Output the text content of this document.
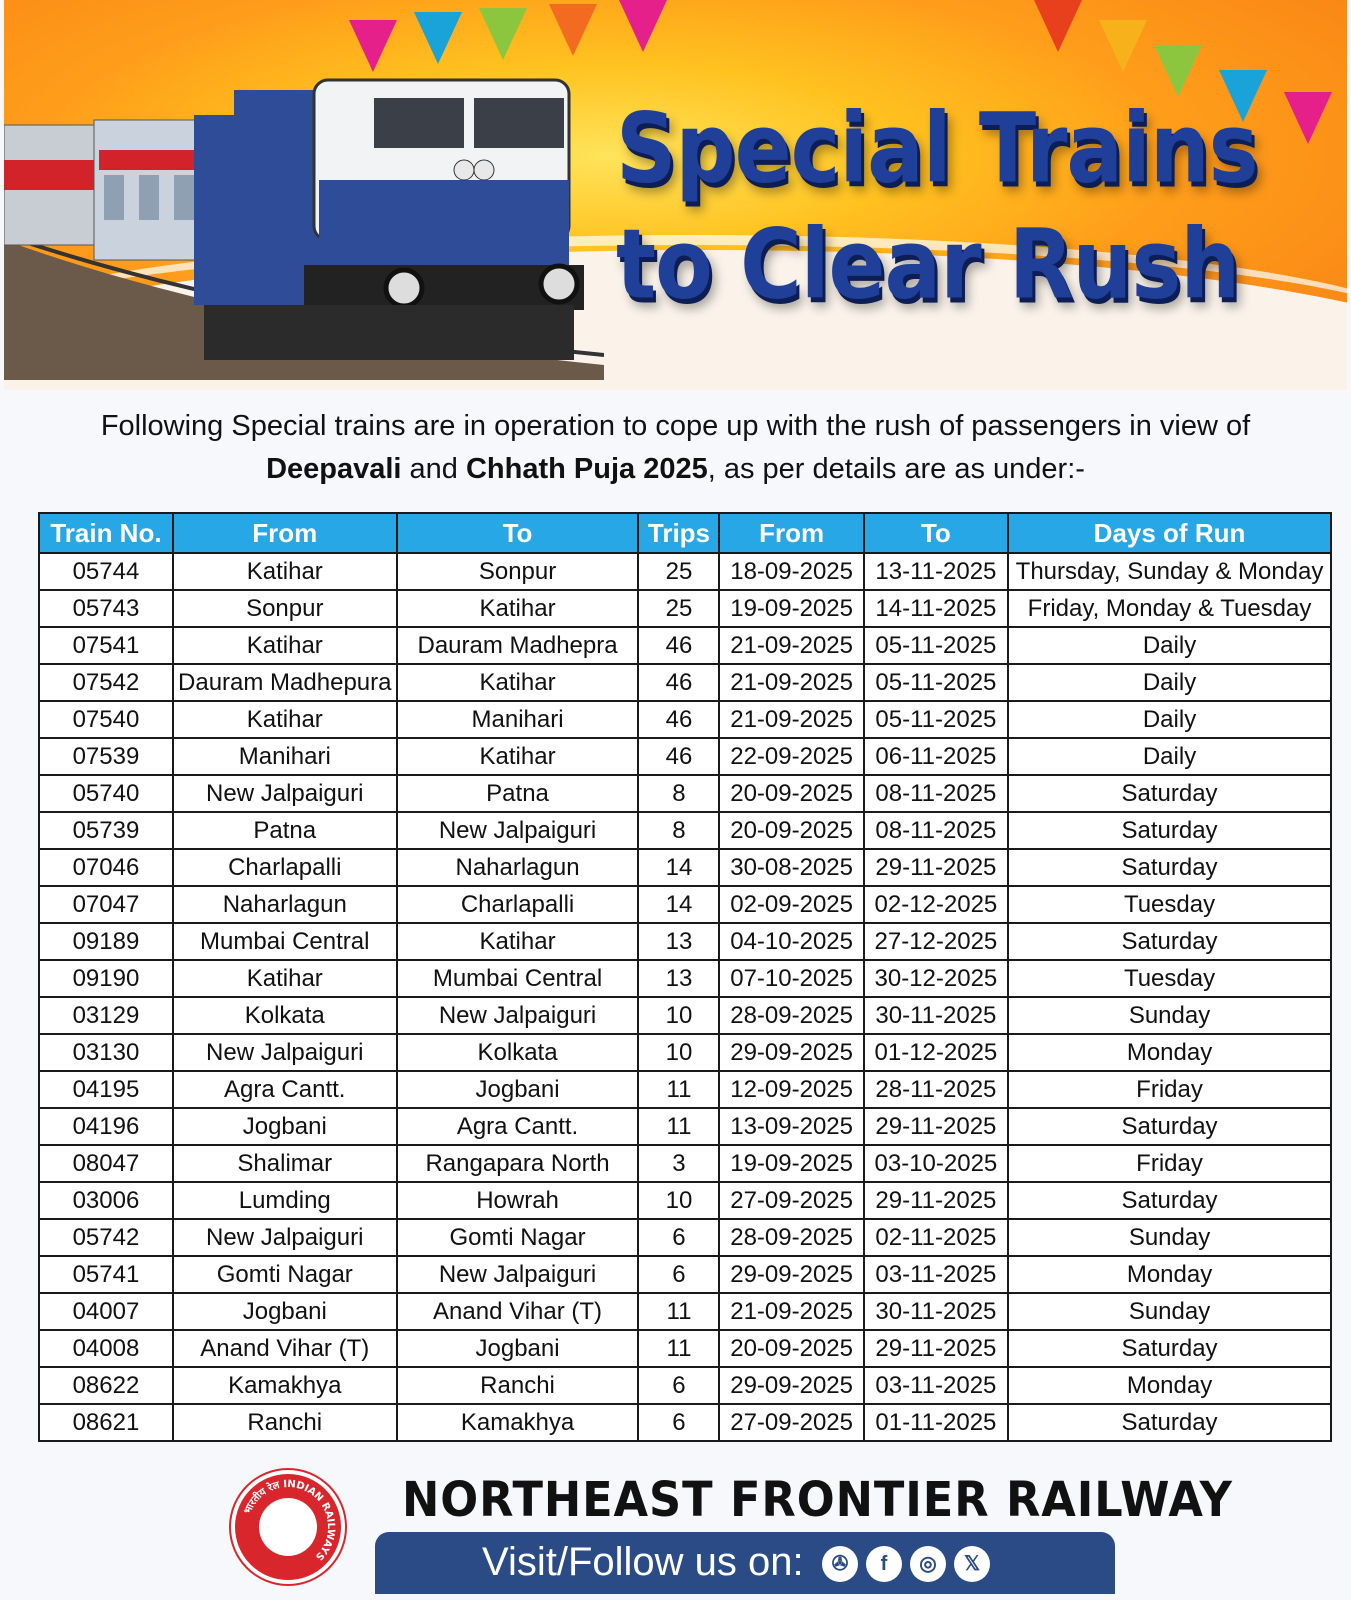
Special Trains
to Clear Rush
Following Special trains are in operation to cope up with the rush of passengers in view of
Deepavali and Chhath Puja 2025, as per details are as under:-
Train No.	From	To	Trips	From	To	Days of Run
05744	Katihar	Sonpur	25	18-09-2025	13-11-2025	Thursday, Sunday & Monday
05743	Sonpur	Katihar	25	19-09-2025	14-11-2025	Friday, Monday & Tuesday
07541	Katihar	Dauram Madhepra	46	21-09-2025	05-11-2025	Daily
07542	Dauram Madhepura	Katihar	46	21-09-2025	05-11-2025	Daily
07540	Katihar	Manihari	46	21-09-2025	05-11-2025	Daily
07539	Manihari	Katihar	46	22-09-2025	06-11-2025	Daily
05740	New Jalpaiguri	Patna	8	20-09-2025	08-11-2025	Saturday
05739	Patna	New Jalpaiguri	8	20-09-2025	08-11-2025	Saturday
07046	Charlapalli	Naharlagun	14	30-08-2025	29-11-2025	Saturday
07047	Naharlagun	Charlapalli	14	02-09-2025	02-12-2025	Tuesday
09189	Mumbai Central	Katihar	13	04-10-2025	27-12-2025	Saturday
09190	Katihar	Mumbai Central	13	07-10-2025	30-12-2025	Tuesday
03129	Kolkata	New Jalpaiguri	10	28-09-2025	30-11-2025	Sunday
03130	New Jalpaiguri	Kolkata	10	29-09-2025	01-12-2025	Monday
04195	Agra Cantt.	Jogbani	11	12-09-2025	28-11-2025	Friday
04196	Jogbani	Agra Cantt.	11	13-09-2025	29-11-2025	Saturday
08047	Shalimar	Rangapara North	3	19-09-2025	03-10-2025	Friday
03006	Lumding	Howrah	10	27-09-2025	29-11-2025	Saturday
05742	New Jalpaiguri	Gomti Nagar	6	28-09-2025	02-11-2025	Sunday
05741	Gomti Nagar	New Jalpaiguri	6	29-09-2025	03-11-2025	Monday
04007	Jogbani	Anand Vihar (T)	11	21-09-2025	30-11-2025	Sunday
04008	Anand Vihar (T)	Jogbani	11	20-09-2025	29-11-2025	Saturday
08622	Kamakhya	Ranchi	6	29-09-2025	03-11-2025	Monday
08621	Ranchi	Kamakhya	6	27-09-2025	01-11-2025	Saturday
भारतीय रेल INDIAN RAILWAYS
NORTHEAST FRONTIER RAILWAY
Visit/Follow us on:	✇	f	◎	𝕏
